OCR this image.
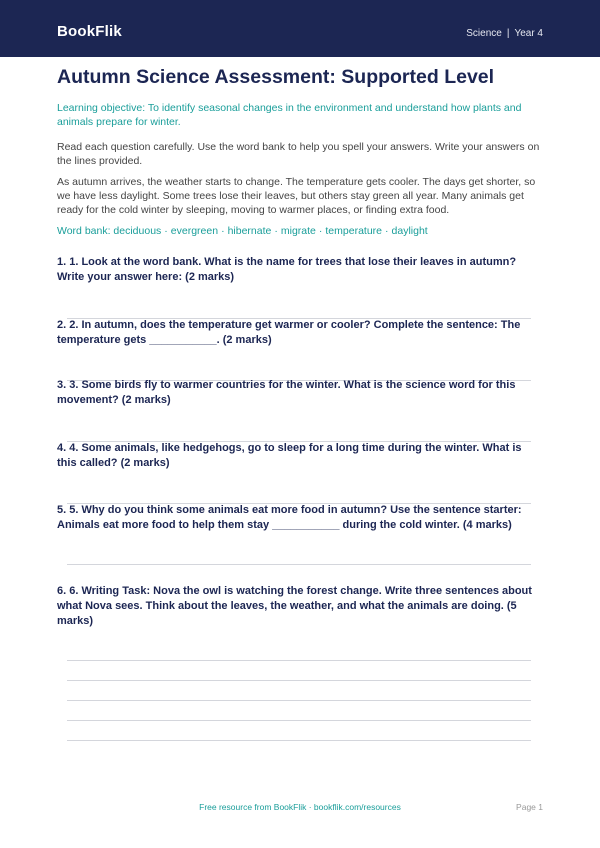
BookFlik	Science | Year 4
Autumn Science Assessment: Supported Level

Learning objective: To identify seasonal changes in the environment and understand how plants and animals prepare for winter.

Read each question carefully. Use the word bank to help you spell your answers. Write your answers on the lines provided.

As autumn arrives, the weather starts to change. The temperature gets cooler. The days get shorter, so we have less daylight. Some trees lose their leaves, but others stay green all year. Many animals get ready for the cold winter by sleeping, moving to warmer places, or finding extra food.

Word bank: deciduous · evergreen · hibernate · migrate · temperature · daylight

1. 1. Look at the word bank. What is the name for trees that lose their leaves in autumn? Write your answer here: (2 marks)
2. 2. In autumn, does the temperature get warmer or cooler? Complete the sentence: The temperature gets ___________. (2 marks)
3. 3. Some birds fly to warmer countries for the winter. What is the science word for this movement? (2 marks)
4. 4. Some animals, like hedgehogs, go to sleep for a long time during the winter. What is this called? (2 marks)
5. 5. Why do you think some animals eat more food in autumn? Use the sentence starter: Animals eat more food to help them stay ___________ during the cold winter. (4 marks)
6. 6. Writing Task: Nova the owl is watching the forest change. Write three sentences about what Nova sees. Think about the leaves, the weather, and what the animals are doing. (5 marks)
Free resource from BookFlik · bookflik.com/resources	Page 1
